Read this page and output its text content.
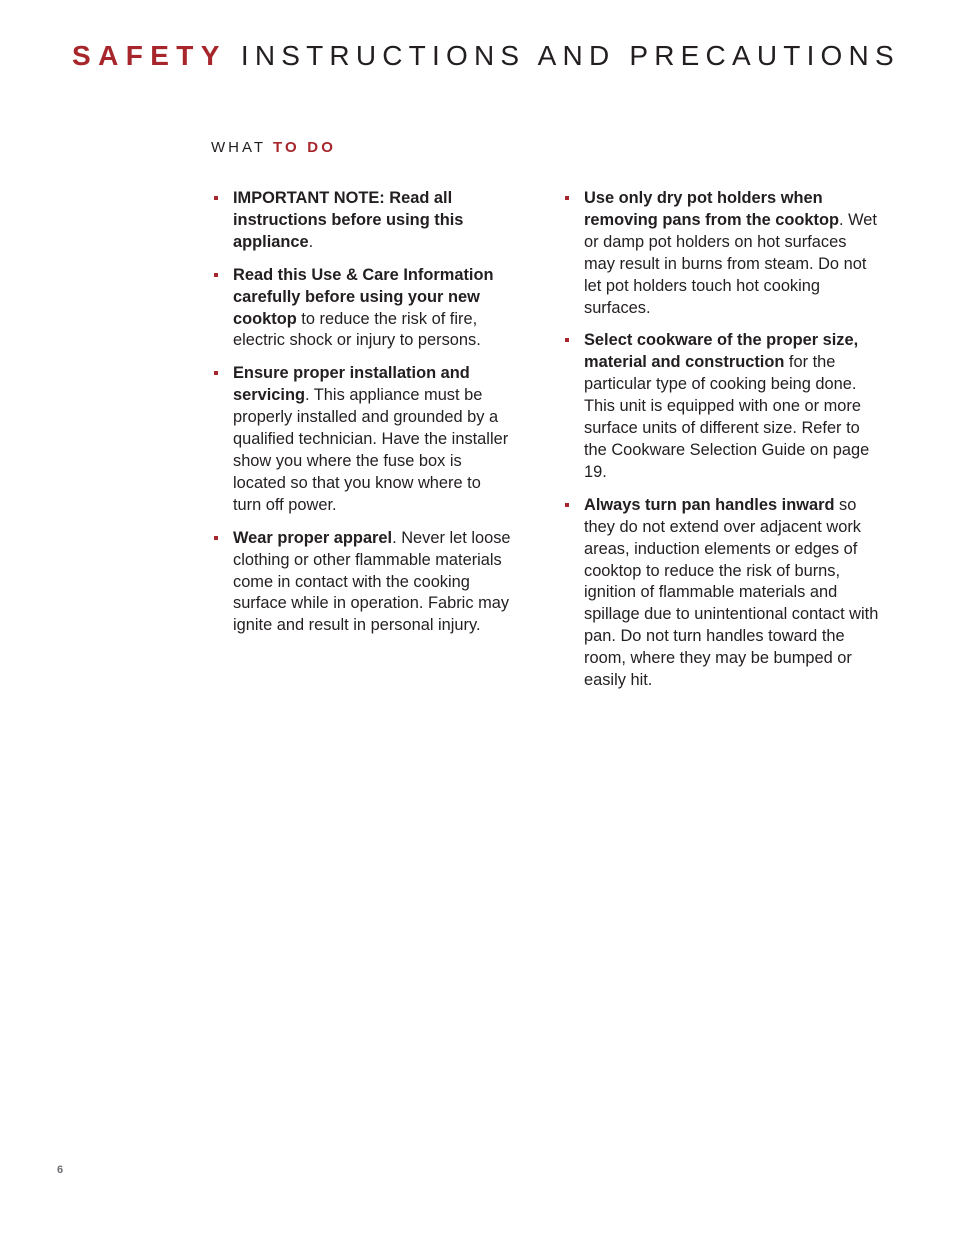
SAFETY INSTRUCTIONS AND PRECAUTIONS
WHAT TO DO
IMPORTANT NOTE: Read all instructions before using this appliance.
Read this Use & Care Information carefully before using your new cooktop to reduce the risk of fire, electric shock or injury to persons.
Ensure proper installation and servicing. This appliance must be properly installed and grounded by a qualified technician. Have the installer show you where the fuse box is located so that you know where to turn off power.
Wear proper apparel. Never let loose clothing or other flammable materials come in contact with the cooking surface while in operation. Fabric may ignite and result in personal injury.
Use only dry pot holders when removing pans from the cooktop. Wet or damp pot holders on hot surfaces may result in burns from steam. Do not let pot holders touch hot cooking surfaces.
Select cookware of the proper size, material and construction for the particular type of cooking being done. This unit is equipped with one or more surface units of different size. Refer to the Cookware Selection Guide on page 19.
Always turn pan handles inward so they do not extend over adjacent work areas, induction elements or edges of cooktop to reduce the risk of burns, ignition of flammable materials and spillage due to unintentional contact with pan. Do not turn handles toward the room, where they may be bumped or easily hit.
6
